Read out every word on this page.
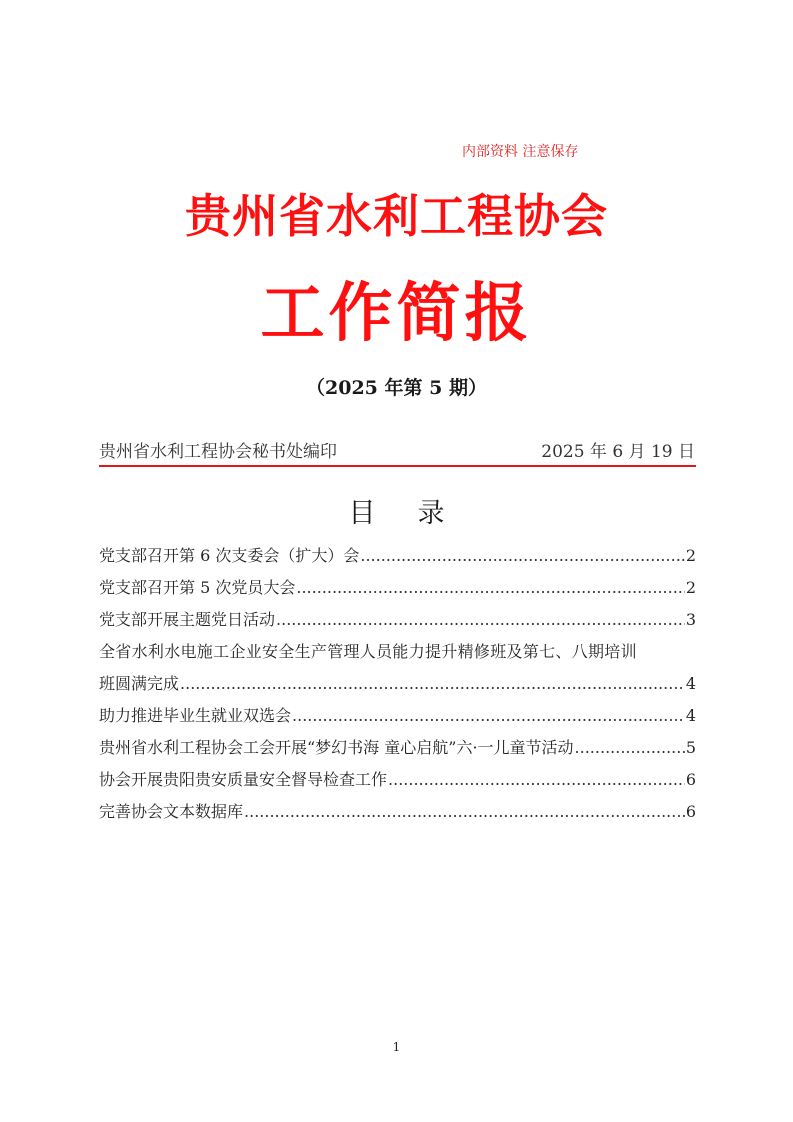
内部资料 注意保存
贵州省水利工程协会
工作简报
（2025 年第 5 期）
贵州省水利工程协会秘书处编印	2025 年 6 月 19 日
目录
党支部召开第 6 次支委会（扩大）会 .....	2
党支部召开第 5 次党员大会 .....	2
党支部开展主题党日活动 .....	3
全省水利水电施工企业安全生产管理人员能力提升精修班及第七、八期培训
班圆满完成 .....	4
助力推进毕业生就业双选会 .....	4
贵州省水利工程协会工会开展“梦幻书海 童心启航”六·一儿童节活动 .....	5
协会开展贵阳贵安质量安全督导检查工作 .....	6
完善协会文本数据库 .....	6
1
